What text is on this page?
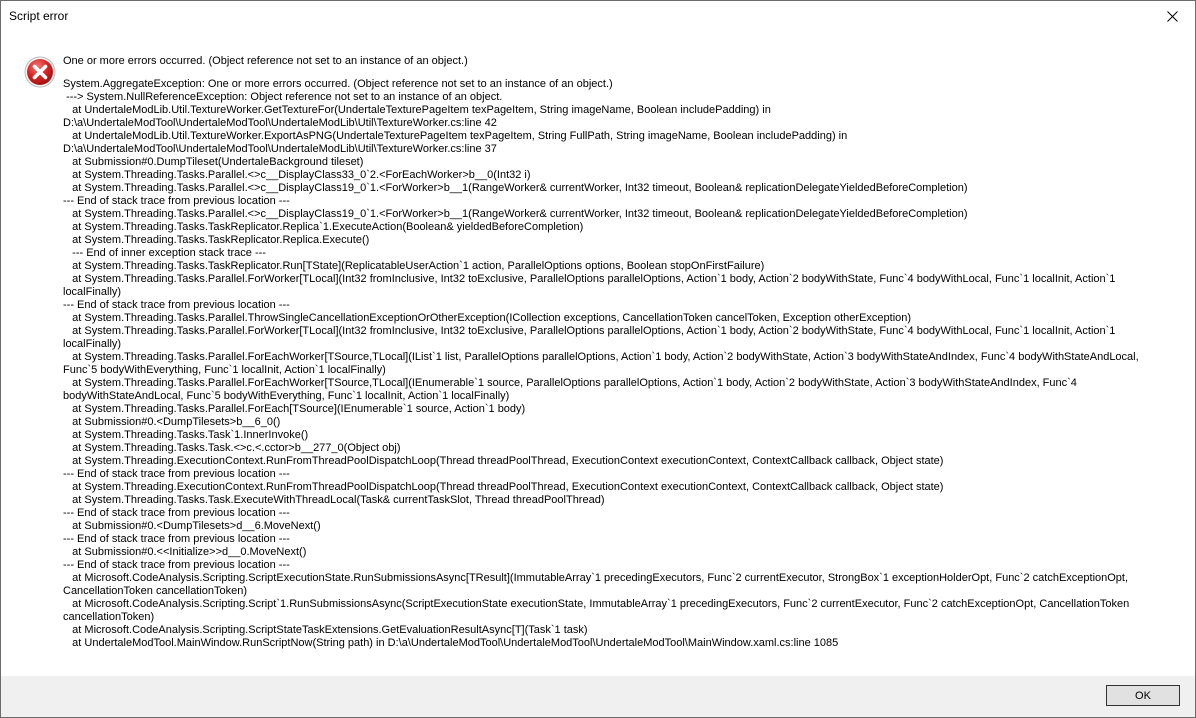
Script error
One or more errors occurred. (Object reference not set to an instance of an object.)
System.AggregateException: One or more errors occurred. (Object reference not set to an instance of an object.)
---> System.NullReferenceException: Object reference not set to an instance of an object.
at UndertaleModLib.Util.TextureWorker.GetTextureFor(UndertaleTexturePageItem texPageItem, String imageName, Boolean includePadding) in D:\a\UndertaleModTool\UndertaleModTool\UndertaleModLib\Util\TextureWorker.cs:line 42
at UndertaleModLib.Util.TextureWorker.ExportAsPNG(UndertaleTexturePageItem texPageItem, String FullPath, String imageName, Boolean includePadding) in D:\a\UndertaleModTool\UndertaleModTool\UndertaleModLib\Util\TextureWorker.cs:line 37
at Submission#0.DumpTileset(UndertaleBackground tileset)
at System.Threading.Tasks.Parallel.<>c__DisplayClass33_0`2.<ForEachWorker>b__0(Int32 i)
at System.Threading.Tasks.Parallel.<>c__DisplayClass19_0`1.<ForWorker>b__1(RangeWorker& currentWorker, Int32 timeout, Boolean& replicationDelegateYieldedBeforeCompletion)
--- End of stack trace from previous location ---
at System.Threading.Tasks.Parallel.<>c__DisplayClass19_0`1.<ForWorker>b__1(RangeWorker& currentWorker, Int32 timeout, Boolean& replicationDelegateYieldedBeforeCompletion)
at System.Threading.Tasks.TaskReplicator.Replica`1.ExecuteAction(Boolean& yieldedBeforeCompletion)
at System.Threading.Tasks.TaskReplicator.Replica.Execute()
--- End of inner exception stack trace ---
at System.Threading.Tasks.TaskReplicator.Run[TState](ReplicatableUserAction`1 action, ParallelOptions options, Boolean stopOnFirstFailure)
at System.Threading.Tasks.Parallel.ForWorker[TLocal](Int32 fromInclusive, Int32 toExclusive, ParallelOptions parallelOptions, Action`1 body, Action`2 bodyWithState, Func`4 bodyWithLocal, Func`1 localInit, Action`1 localFinally)
--- End of stack trace from previous location ---
at System.Threading.Tasks.Parallel.ThrowSingleCancellationExceptionOrOtherException(ICollection exceptions, CancellationToken cancelToken, Exception otherException)
at System.Threading.Tasks.Parallel.ForWorker[TLocal](Int32 fromInclusive, Int32 toExclusive, ParallelOptions parallelOptions, Action`1 body, Action`2 bodyWithState, Func`4 bodyWithLocal, Func`1 localInit, Action`1 localFinally)
at System.Threading.Tasks.Parallel.ForEachWorker[TSource,TLocal](IList`1 list, ParallelOptions parallelOptions, Action`1 body, Action`2 bodyWithState, Action`3 bodyWithStateAndIndex, Func`4 bodyWithStateAndLocal, Func`5 bodyWithEverything, Func`1 localInit, Action`1 localFinally)
at System.Threading.Tasks.Parallel.ForEachWorker[TSource,TLocal](IEnumerable`1 source, ParallelOptions parallelOptions, Action`1 body, Action`2 bodyWithState, Action`3 bodyWithStateAndIndex, Func`4 bodyWithStateAndLocal, Func`5 bodyWithEverything, Func`1 localInit, Action`1 localFinally)
at System.Threading.Tasks.Parallel.ForEach[TSource](IEnumerable`1 source, Action`1 body)
at Submission#0.<DumpTilesets>b__6_0()
at System.Threading.Tasks.Task`1.InnerInvoke()
at System.Threading.Tasks.Task.<>c.<.cctor>b__277_0(Object obj)
at System.Threading.ExecutionContext.RunFromThreadPoolDispatchLoop(Thread threadPoolThread, ExecutionContext executionContext, ContextCallback callback, Object state)
--- End of stack trace from previous location ---
at System.Threading.ExecutionContext.RunFromThreadPoolDispatchLoop(Thread threadPoolThread, ExecutionContext executionContext, ContextCallback callback, Object state)
at System.Threading.Tasks.Task.ExecuteWithThreadLocal(Task& currentTaskSlot, Thread threadPoolThread)
--- End of stack trace from previous location ---
at Submission#0.<DumpTilesets>d__6.MoveNext()
--- End of stack trace from previous location ---
at Submission#0.<<Initialize>>d__0.MoveNext()
--- End of stack trace from previous location ---
at Microsoft.CodeAnalysis.Scripting.ScriptExecutionState.RunSubmissionsAsync[TResult](ImmutableArray`1 precedingExecutors, Func`2 currentExecutor, StrongBox`1 exceptionHolderOpt, Func`2 catchExceptionOpt, CancellationToken cancellationToken)
at Microsoft.CodeAnalysis.Scripting.Script`1.RunSubmissionsAsync(ScriptExecutionState executionState, ImmutableArray`1 precedingExecutors, Func`2 currentExecutor, Func`2 catchExceptionOpt, CancellationToken cancellationToken)
at Microsoft.CodeAnalysis.Scripting.ScriptStateTaskExtensions.GetEvaluationResultAsync[T](Task`1 task)
at UndertaleModTool.MainWindow.RunScriptNow(String path) in D:\a\UndertaleModTool\UndertaleModTool\UndertaleModTool\MainWindow.xaml.cs:line 1085
OK
